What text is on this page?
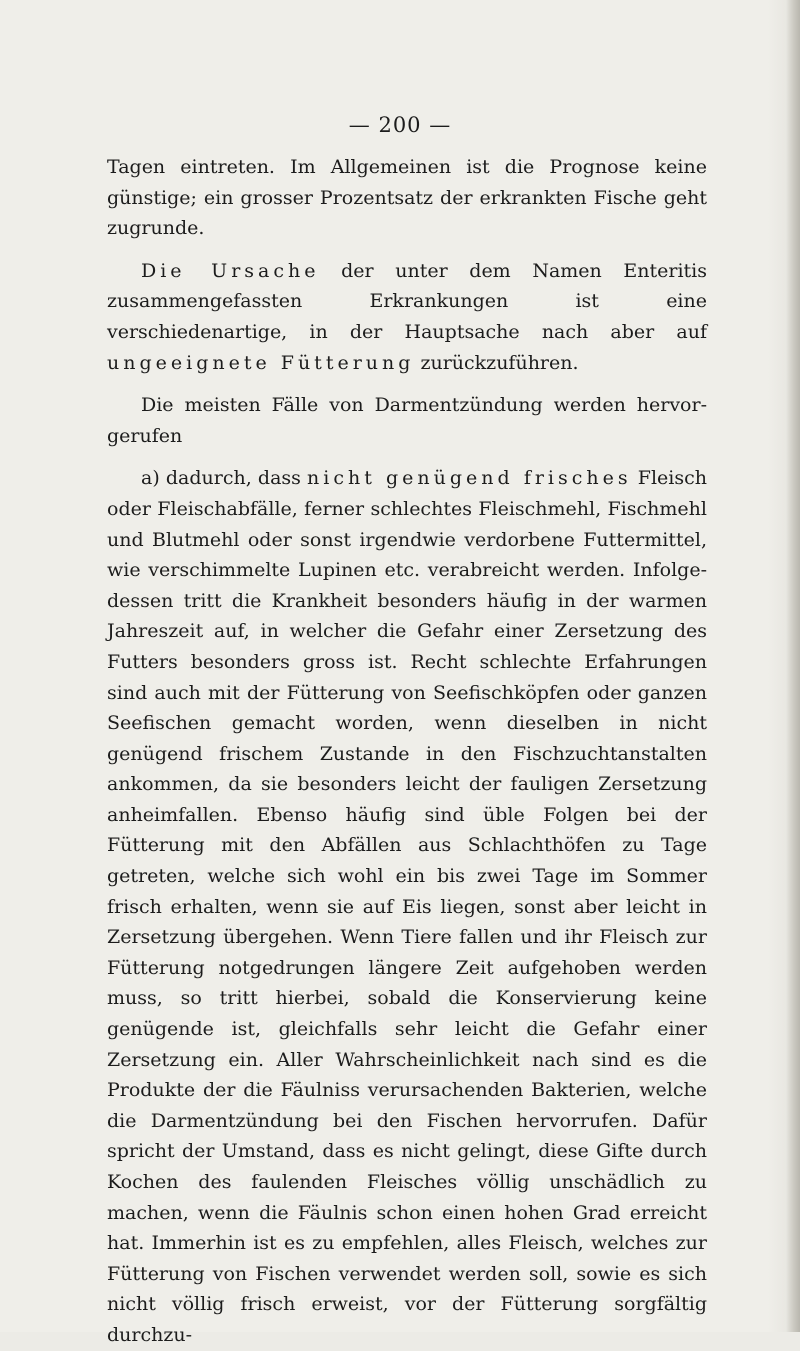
— 200 —

Tagen eintreten. Im Allgemeinen ist die Prognose keine günstige; ein grosser Prozentsatz der erkrankten Fische geht zugrunde.

Die Ursache der unter dem Namen Enteritis zusammengefassten Erkrankungen ist eine verschiedenartige, in der Hauptsache nach aber auf ungeeignete Fütterung zurückzuführen.

Die meisten Fälle von Darmentzündung werden hervorgerufen

a) dadurch, dass nicht genügend frisches Fleisch oder Fleischabfälle, ferner schlechtes Fleischmehl, Fischmehl und Blutmehl oder sonst irgendwie verdorbene Futtermittel, wie verschimmelte Lupinen etc. verabreicht werden. Infolgedessen tritt die Krankheit besonders häufig in der warmen Jahreszeit auf, in welcher die Gefahr einer Zersetzung des Futters besonders gross ist. Recht schlechte Erfahrungen sind auch mit der Fütterung von Seefischköpfen oder ganzen Seefischen gemacht worden, wenn dieselben in nicht genügend frischem Zustande in den Fischzuchtanstalten ankommen, da sie besonders leicht der fauligen Zersetzung anheimfallen. Ebenso häufig sind üble Folgen bei der Fütterung mit den Abfällen aus Schlachthöfen zu Tage getreten, welche sich wohl ein bis zwei Tage im Sommer frisch erhalten, wenn sie auf Eis liegen, sonst aber leicht in Zersetzung übergehen. Wenn Tiere fallen und ihr Fleisch zur Fütterung notgedrungen längere Zeit aufgehoben werden muss, so tritt hierbei, sobald die Konservierung keine genügende ist, gleichfalls sehr leicht die Gefahr einer Zersetzung ein. Aller Wahrscheinlichkeit nach sind es die Produkte der die Fäulniss verursachenden Bakterien, welche die Darmentzündung bei den Fischen hervorrufen. Dafür spricht der Umstand, dass es nicht gelingt, diese Gifte durch Kochen des faulenden Fleisches völlig unschädlich zu machen, wenn die Fäulnis schon einen hohen Grad erreicht hat. Immerhin ist es zu empfehlen, alles Fleisch, welches zur Fütterung von Fischen verwendet werden soll, sowie es sich nicht völlig frisch erweist, vor der Fütterung sorgfältig durchzu-
